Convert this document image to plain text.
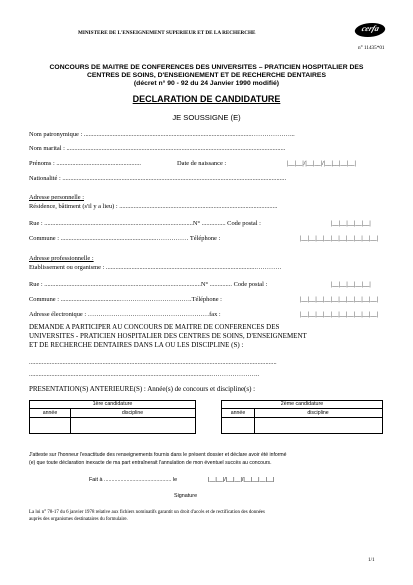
MINISTERE DE L'ENSEIGNEMENT SUPERIEUR ET DE LA RECHERCHE	cerfa
n° 11435*01
CONCOURS DE MAITRE DE CONFERENCES DES UNIVERSITES – PRATICIEN HOSPITALIER DES
CENTRES DE SOINS, D'ENSEIGNEMENT ET DE RECHERCHE DENTAIRES
(décret n° 90 - 92 du 24 Janvier 1990 modifié)
DECLARATION DE CANDIDATURE
JE SOUSSIGNE (E)
Nom patronymique : .........................................................................................................………………...
Nom marital : .........................................................................................................................................
Prénoms : .....................................................	Date de naissance :	|__|__|/|__|__|/|__|__|__|__|
Nationalité : ............................................................................................................................................
Adresse personnelle :
Résidence, bâtiment (s'il y a lieu) : ...................................................................................................
Rue : .............................................................................................N° ............... Code postal :	|__|__|__|__|__|
Commune : ............................................................…………… Téléphone :	|__|__|__|__|__|__|__|__|__|__|
Adresse professionnelle :
Etablissement ou organisme : ..............................................................................................…………
Rue : ..................................................................................................N° .............. Code postal :	|__|__|__|__|__|
Commune : .....................................…………………………….Téléphone :	|__|__|__|__|__|__|__|__|__|__|
Adresse électronique : …………………………………………………fax :	|__|__|__|__|__|__|__|__|__|__|
DEMANDE A PARTICIPER AU CONCOURS DE MAITRE DE CONFERENCES DES
UNIVERSITES - PRATICIEN HOSPITALIER DES CENTRES DE SOINS, D'ENSEIGNEMENT
ET DE RECHERCHE DENTAIRES DANS LA OU LES DISCIPLINE (S) :
...........................................................................................................................................................
..................................................................................................................…………………..
PRESENTATION(S) ANTERIEURE(S) : Année(s) de concours et discipline(s) :
1ère candidature
année	discipline
2ème candidature
année	discipline
J'atteste sur l'honneur l'exactitude des renseignements fournis dans le présent dossier et déclare avoir été informé
(e) que toute déclaration inexacte de ma part entraînerait l'annulation de mon éventuel succès au concours.
Fait à ............................................. le	|__|__|/|__|__|/|__|__|__|__|
Signature
La loi n° 78-17 du 6 janvier 1978 relative aux fichiers nominatifs garantit un droit d'accès et de rectification des données
auprès des organismes destinataires du formulaire.
1/1
